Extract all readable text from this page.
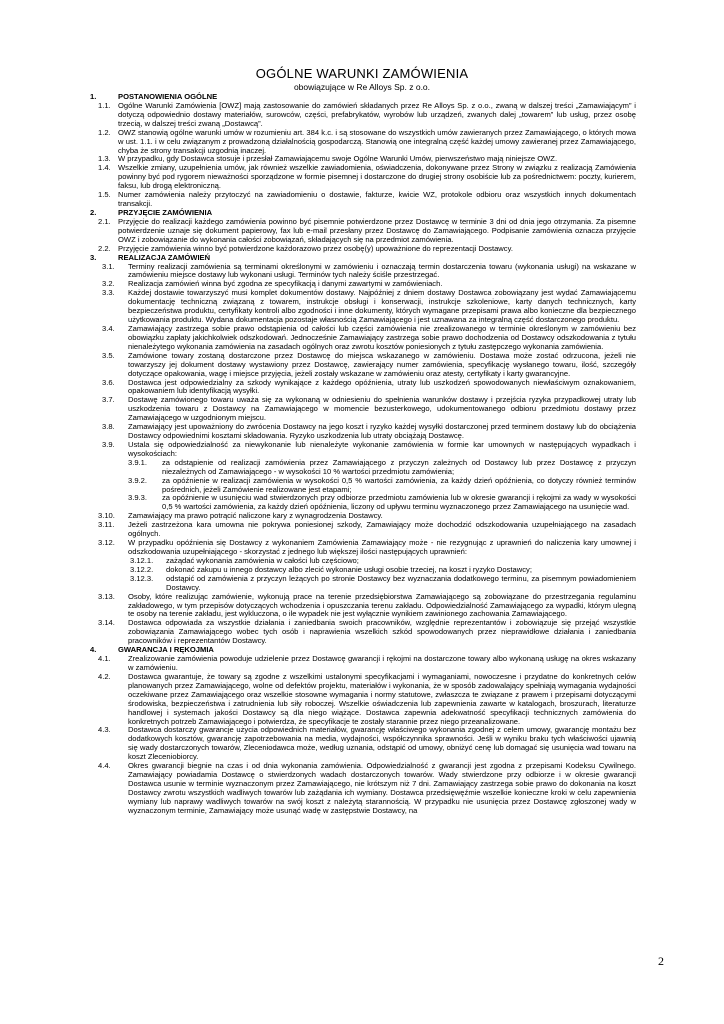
OGÓLNE WARUNKI ZAMÓWIENIA
obowiązujące w Re Alloys Sp. z o.o.
1.	POSTANOWIENIA OGÓLNE
1.1. Ogólne Warunki Zamówienia [OWZ] mają zastosowanie do zamówień składanych przez Re Alloys Sp. z o.o., zwaną w dalszej treści „Zamawiającym” i dotyczą odpowiednio dostawy materiałów, surowców, części, prefabrykatów, wyrobów lub urządzeń, zwanych dalej „towarem” lub usług, przez osobę trzecią, w dalszej treści zwaną „Dostawcą”.
1.2. OWZ stanowią ogólne warunki umów w rozumieniu art. 384 k.c. i są stosowane do wszystkich umów zawieranych przez Zamawiającego, o których mowa w ust. 1.1. i w celu związanym z prowadzoną działalnością gospodarczą. Stanowią one integralną część każdej umowy zawieranej przez Zamawiającego, chyba że strony transakcji uzgodnią inaczej.
1.3. W przypadku, gdy Dostawca stosuje i przesłał Zamawiającemu swoje Ogólne Warunki Umów, pierwszeństwo mają niniejsze OWZ.
1.4. Wszelkie zmiany, uzupełnienia umów, jak również wszelkie zawiadomienia, oświadczenia, dokonywane przez Strony w związku z realizacją Zamówienia powinny być pod rygorem nieważności sporządzone w formie pisemnej i dostarczone do drugiej strony osobiście lub za pośrednictwem: poczty, kurierem, faksu, lub drogą elektroniczną.
1.5. Numer zamówienia należy przytoczyć na zawiadomieniu o dostawie, fakturze, kwicie WZ, protokole odbioru oraz wszystkich innych dokumentach transakcji.
2.	PRZYJĘCIE ZAMÓWIENIA
2.1. Przyjęcie do realizacji każdego zamówienia powinno być pisemnie potwierdzone przez Dostawcę w terminie 3 dni od dnia jego otrzymania. Za pisemne potwierdzenie uznaje się dokument papierowy, fax lub e-mail przesłany przez Dostawcę do Zamawiającego. Podpisanie zamówienia oznacza przyjęcie OWZ i zobowiązanie do wykonania całości zobowiązań, składających się na przedmiot zamówienia.
2.2. Przyjęcie zamówienia winno być potwierdzone każdorazowo przez osobę(y) upoważnione do reprezentacji Dostawcy.
3.	REALIZACJA ZAMÓWIEŃ
3.1. Terminy realizacji zamówienia są terminami określonymi w zamówieniu i oznaczają termin dostarczenia towaru (wykonania usługi) na wskazane w zamówieniu miejsce dostawy lub wykonani usługi. Terminów tych należy ściśle przestrzegać.
3.2. Realizacja zamówień winna być zgodna ze specyfikacją i danymi zawartymi w zamówieniach.
3.3. Każdej dostawie towarzyszyć musi komplet dokumentów dostawy. Najpóźniej z dniem dostawy Dostawca zobowiązany jest wydać Zamawiającemu dokumentację techniczną związaną z towarem, instrukcje obsługi i konserwacji, instrukcje szkoleniowe, karty danych technicznych, karty bezpieczeństwa produktu, certyfikaty kontroli albo zgodności i inne dokumenty, których wymagane przepisami prawa albo konieczne dla bezpiecznego użytkowania produktu. Wydana dokumentacja pozostaje własnością Zamawiającego i jest uznawana za integralną część dostarczonego produktu.
3.4. Zamawiający zastrzega sobie prawo odstąpienia od całości lub części zamówienia nie zrealizowanego w terminie określonym w zamówieniu bez obowiązku zapłaty jakichkolwiek odszkodowań. Jednocześnie Zamawiający zastrzega sobie prawo dochodzenia od Dostawcy odszkodowania z tytułu nienależytego wykonania zamówienia na zasadach ogólnych oraz zwrotu kosztów poniesionych z tytułu zastępczego wykonania zamówienia.
3.5. Zamówione towary zostaną dostarczone przez Dostawcę do miejsca wskazanego w zamówieniu. Dostawa może zostać odrzucona, jeżeli nie towarzyszy jej dokument dostawy wystawiony przez Dostawcę, zawierający numer zamówienia, specyfikację wysłanego towaru, ilość, szczegóły dotyczące opakowania, wagę i miejsce przyjęcia, jeżeli zostały wskazane w zamówieniu oraz atesty, certyfikaty i karty gwarancyjne.
3.6. Dostawca jest odpowiedzialny za szkody wynikające z każdego opóźnienia, utraty lub uszkodzeń spowodowanych niewłaściwym oznakowaniem, opakowaniem lub identyfikacją wysyłki.
3.7. Dostawę zamówionego towaru uważa się za wykonaną w odniesieniu do spełnienia warunków dostawy i przejścia ryzyka przypadkowej utraty lub uszkodzenia towaru z Dostawcy na Zamawiającego w momencie bezusterkowego, udokumentowanego odbioru przedmiotu dostawy przez Zamawiającego w uzgodnionym miejscu.
3.8. Zamawiający jest upoważniony do zwrócenia Dostawcy na jego koszt i ryzyko każdej wysyłki dostarczonej przed terminem dostawy lub do obciążenia Dostawcy odpowiednimi kosztami składowania. Ryzyko uszkodzenia lub utraty obciążają Dostawcę.
3.9. Ustala się odpowiedzialność za niewykonanie lub nienależyte wykonanie zamówienia w formie kar umownych w następujących wypadkach i wysokościach:
3.9.1. za odstąpienie od realizacji zamówienia przez Zamawiającego z przyczyn zależnych od Dostawcy lub przez Dostawcę z przyczyn niezależnych od Zamawiającego - w wysokości 10 % wartości przedmiotu zamówienia;
3.9.2. za opóźnienie w realizacji zamówienia w wysokości 0,5 % wartości zamówienia, za każdy dzień opóźnienia, co dotyczy również terminów pośrednich, jeżeli Zamówienie realizowane jest etapami;
3.9.3. za opóźnienie w usunięciu wad stwierdzonych przy odbiorze przedmiotu zamówienia lub w okresie gwarancji i rękojmi za wady w wysokości 0,5 % wartości zamówienia, za każdy dzień opóźnienia, liczony od upływu terminu wyznaczonego przez Zamawiającego na usunięcie wad.
3.10. Zamawiający ma prawo potrącić naliczone kary z wynagrodzenia Dostawcy.
3.11. Jeżeli zastrzeżona kara umowna nie pokrywa poniesionej szkody, Zamawiający może dochodzić odszkodowania uzupełniającego na zasadach ogólnych.
3.12. W przypadku opóźnienia się Dostawcy z wykonaniem Zamówienia Zamawiający może - nie rezygnując z uprawnień do naliczenia kary umownej i odszkodowania uzupełniającego - skorzystać z jednego lub większej ilości następujących uprawnień:
3.12.1. zażądać wykonania zamówienia w całości lub częściowo;
3.12.2. dokonać zakupu u innego dostawcy albo zlecić wykonanie usługi osobie trzeciej, na koszt i ryzyko Dostawcy;
3.12.3. odstąpić od zamówienia z przyczyn leżących po stronie Dostawcy bez wyznaczania dodatkowego terminu, za pisemnym powiadomieniem Dostawcy.
3.13. Osoby, które realizując zamówienie, wykonują prace na terenie przedsiębiorstwa Zamawiającego są zobowiązane do przestrzegania regulaminu zakładowego, w tym przepisów dotyczących wchodzenia i opuszczania terenu zakładu. Odpowiedzialność Zamawiającego za wypadki, którym ulegną te osoby na terenie zakładu, jest wykluczona, o ile wypadek nie jest wyłącznie wynikiem zawinionego zachowania Zamawiającego.
3.14. Dostawca odpowiada za wszystkie działania i zaniedbania swoich pracowników, względnie reprezentantów i zobowiązuje się przejąć wszystkie zobowiązania Zamawiającego wobec tych osób i naprawienia wszelkich szkód spowodowanych przez nieprawidłowe działania i zaniedbania pracowników i reprezentantów Dostawcy.
4.	GWARANCJA I RĘKOJMIA
4.1. Zrealizowanie zamówienia powoduje udzielenie przez Dostawcę gwarancji i rękojmi na dostarczone towary albo wykonaną usługę na okres wskazany w zamówieniu.
4.2. Dostawca gwarantuje, że towary są zgodne z wszelkimi ustalonymi specyfikacjami i wymaganiami, nowoczesne i przydatne do konkretnych celów planowanych przez Zamawiającego, wolne od defektów projektu, materiałów i wykonania, że w sposób zadowalający spełniają wymagania wydajności oczekiwane przez Zamawiającego oraz wszelkie stosowne wymagania i normy statutowe, zwłaszcza te związane z prawem i przepisami dotyczącymi środowiska, bezpieczeństwa i zatrudnienia lub siły roboczej. Wszelkie oświadczenia lub zapewnienia zawarte w katalogach, broszurach, literaturze handlowej i systemach jakości Dostawcy są dla niego wiążące. Dostawca zapewnia adekwatność specyfikacji technicznych zamówienia do konkretnych potrzeb Zamawiającego i potwierdza, że specyfikacje te zostały starannie przez niego przeanalizowane.
4.3. Dostawca dostarczy gwarancje użycia odpowiednich materiałów, gwarancję właściwego wykonania zgodnej z celem umowy, gwarancję montażu bez dodatkowych kosztów, gwarancję zapotrzebowania na media, wydajności, współczynnika sprawności. Jeśli w wyniku braku tych właściwości ujawnią się wady dostarczonych towarów, Zleceniodawca może, według uznania, odstąpić od umowy, obniżyć cenę lub domagać się usunięcia wad towaru na koszt Zleceniobiorcy.
4.4. Okres gwarancji biegnie na czas i od dnia wykonania zamówienia. Odpowiedzialność z gwarancji jest zgodna z przepisami Kodeksu Cywilnego. Zamawiający powiadamia Dostawcę o stwierdzonych wadach dostarczonych towarów. Wady stwierdzone przy odbiorze i w okresie gwarancji Dostawca usunie w terminie wyznaczonym przez Zamawiającego, nie krótszym niż 7 dni. Zamawiający zastrzega sobie prawo do dokonania na koszt Dostawcy zwrotu wszystkich wadliwych towarów lub zażądania ich wymiany. Dostawca przedsięwęźmie wszelkie konieczne kroki w celu zapewnienia wymiany lub naprawy wadliwych towarów na swój koszt z należytą starannością. W przypadku nie usunięcia przez Dostawcę zgłoszonej wady w wyznaczonym terminie, Zamawiający może usunąć wadę w zastępstwie Dostawcy, na
2
